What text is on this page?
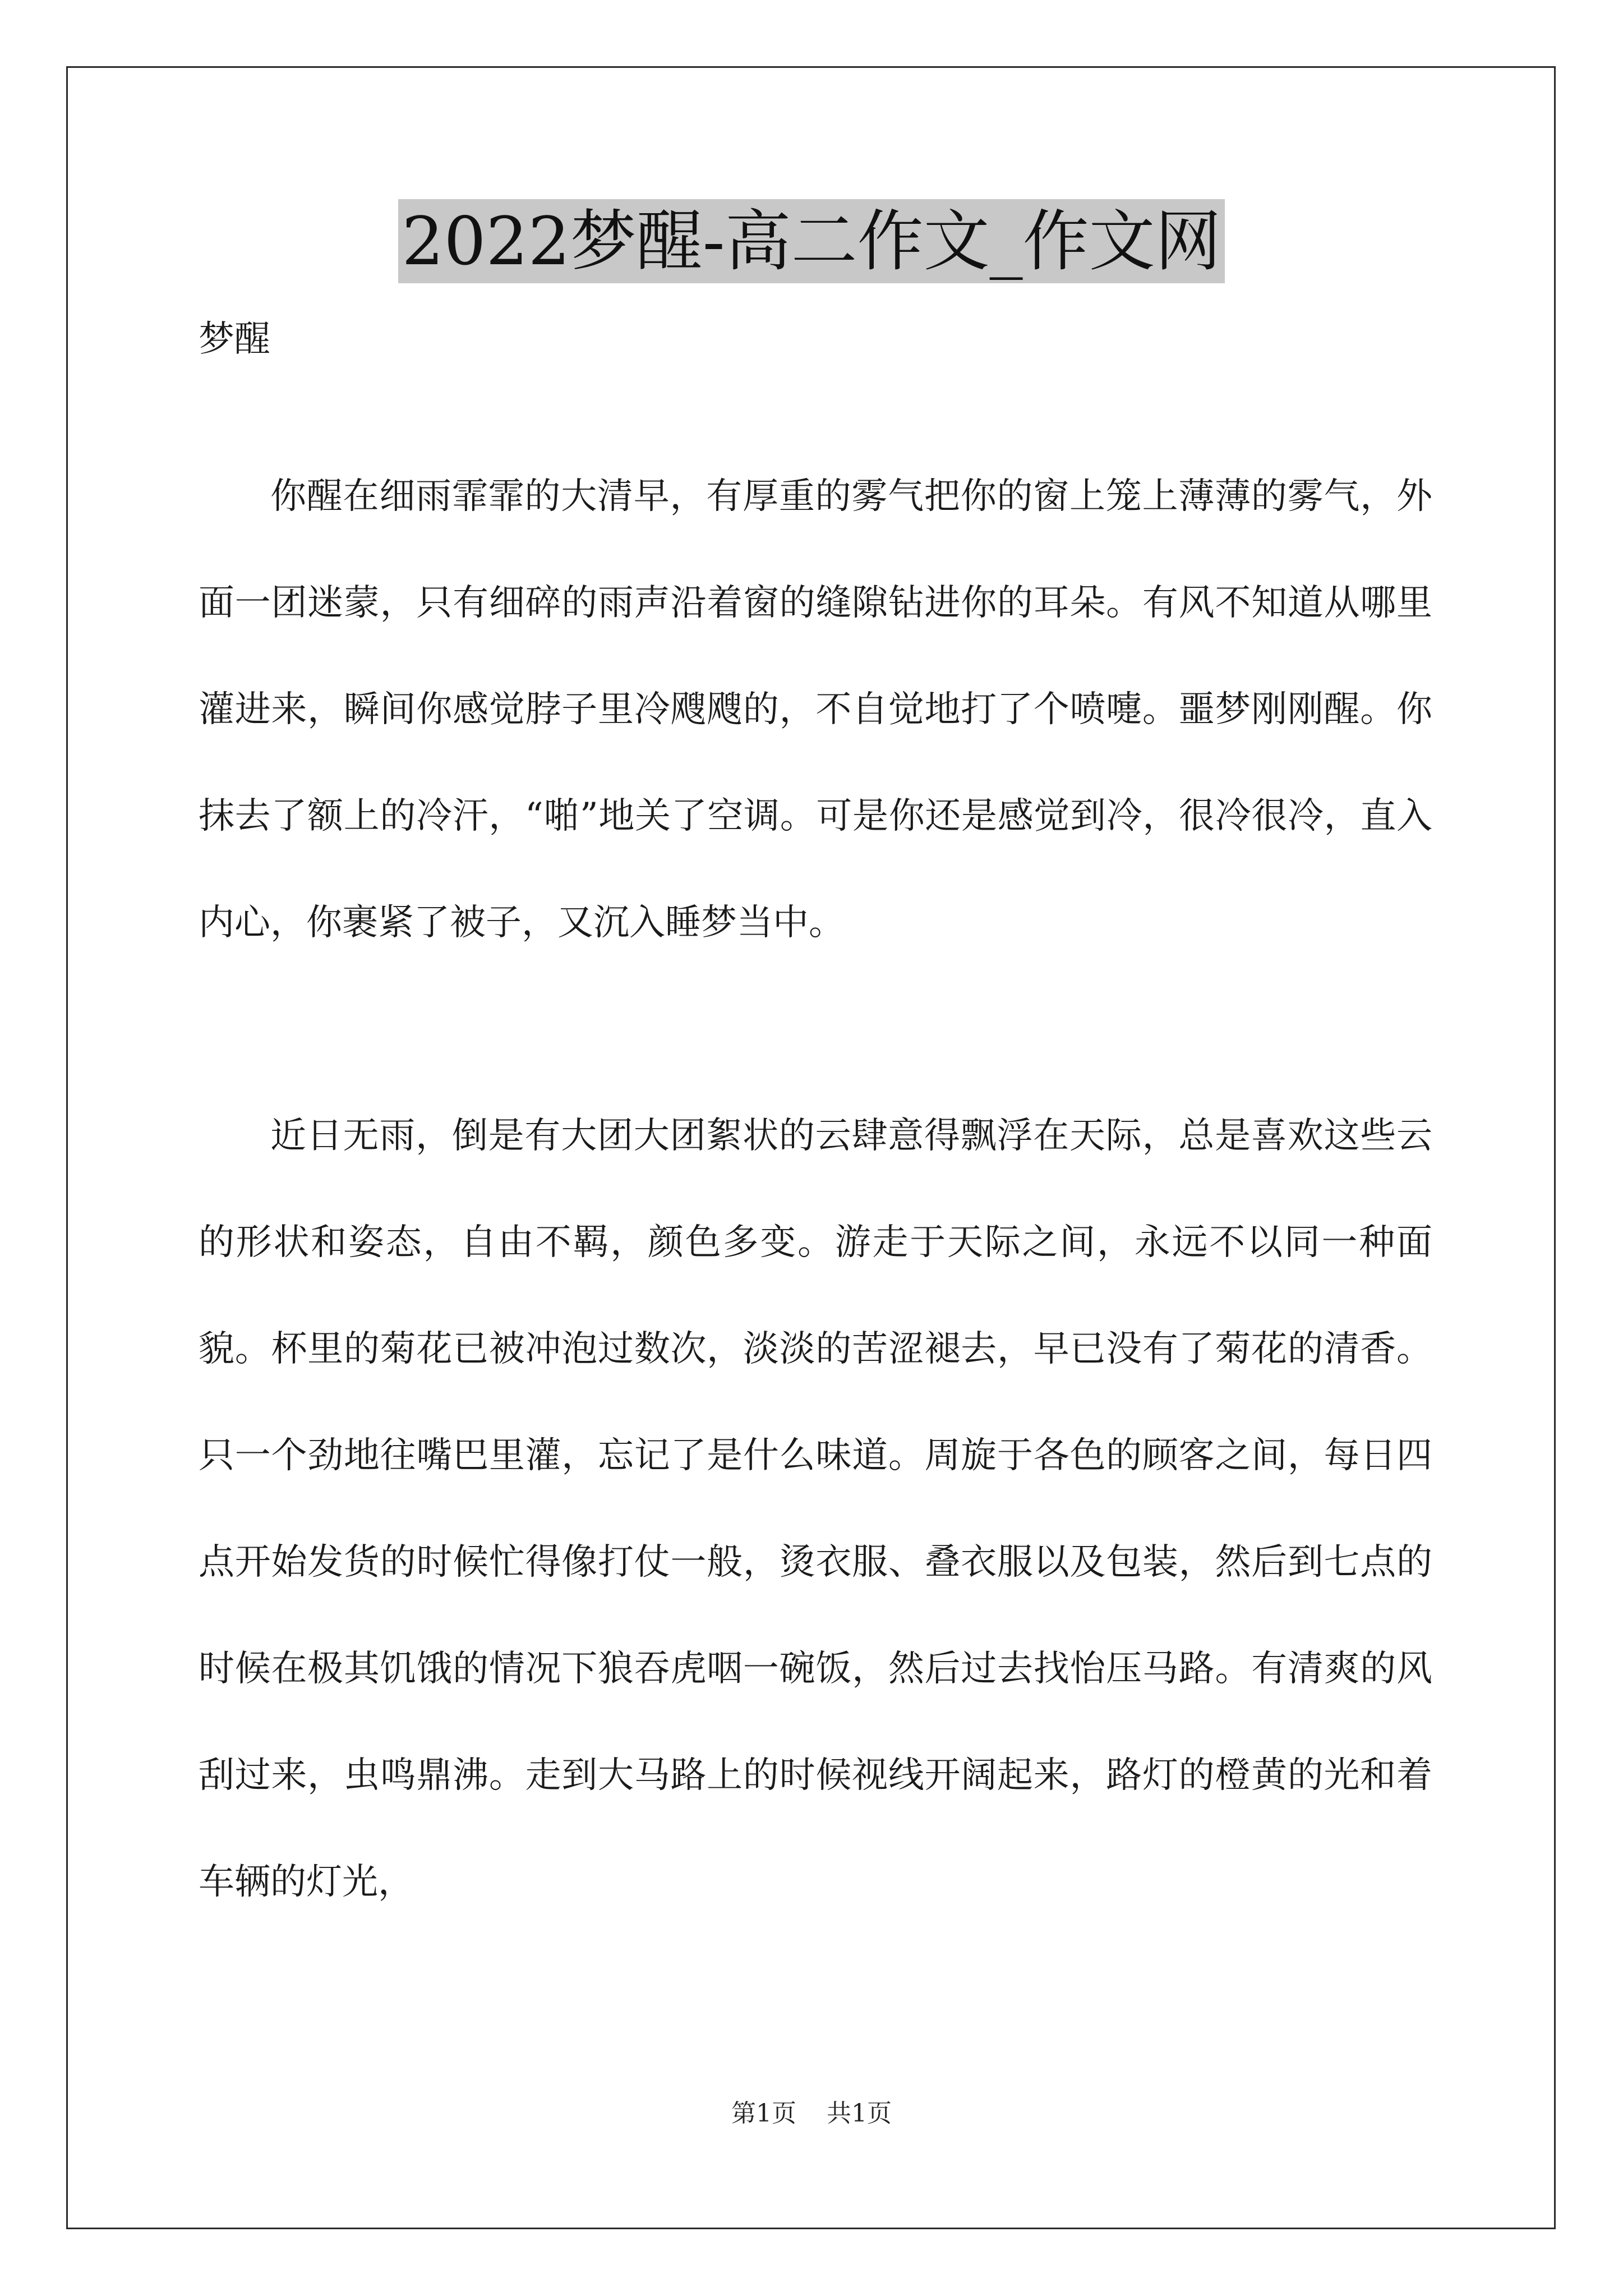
2022梦醒-高二作文_作文网

梦醒

你醒在细雨霏霏的大清早，有厚重的雾气把你的窗上笼上薄薄的雾气，外面一团迷蒙，只有细碎的雨声沿着窗的缝隙钻进你的耳朵。有风不知道从哪里灌进来，瞬间你感觉脖子里冷飕飕的，不自觉地打了个喷嚏。噩梦刚刚醒。你抹去了额上的冷汗，“啪”地关了空调。可是你还是感觉到冷，很冷很冷，直入内心，你裹紧了被子，又沉入睡梦当中。

近日无雨，倒是有大团大团絮状的云肆意得飘浮在天际，总是喜欢这些云的形状和姿态，自由不羁，颜色多变。游走于天际之间，永远不以同一种面貌。杯里的菊花已被冲泡过数次，淡淡的苦涩褪去，早已没有了菊花的清香。只一个劲地往嘴巴里灌，忘记了是什么味道。周旋于各色的顾客之间，每日四点开始发货的时候忙得像打仗一般，烫衣服、叠衣服以及包装，然后到七点的时候在极其饥饿的情况下狼吞虎咽一碗饭，然后过去找怡压马路。有清爽的风刮过来，虫鸣鼎沸。走到大马路上的时候视线开阔起来，路灯的橙黄的光和着车辆的灯光，

第1页 共1页
